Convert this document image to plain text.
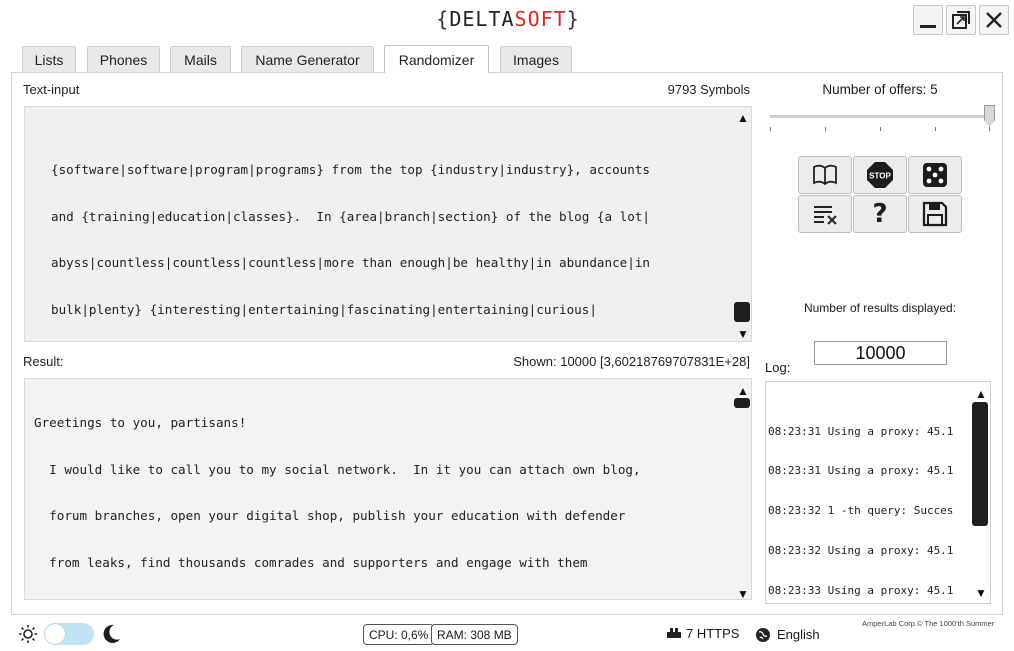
{ DELTA SOFT }
Lists	Phones	Mails	Name Generator	Randomizer	Images
Text-input	9793 Symbols

{software|software|program|programs} from the top {industry|industry}, accounts

and {training|education|classes}.  In {area|branch|section} of the blog {a lot|

abyss|countless|countless|countless|more than enough|be healthy|in abundance|in

bulk|plenty} {interesting|entertaining|fascinating|entertaining|curious|

▲
▼
Result:	Shown: 10000 [3,60218769707831E+28]

Greetings to you, partisans!

I would like to call you to my social network.  In it you can attach own blog,

forum branches, open your digital shop, publish your education with defender

from leaks, find thousands comrades and supporters and engage with them

▲
▼
Number of offers: 5
STOP
?
Number of results displayed:
10000
Log:

08:23:31 Using a proxy: 45.1

08:23:31 Using a proxy: 45.1

08:23:32 1 -th query: Succes

08:23:32 Using a proxy: 45.1

08:23:33 Using a proxy: 45.1

▲
▼
CPU: 0,6% RAM: 308 MB	7 HTTPS	English
AmperLab Corp.© The 1000'th Summer
